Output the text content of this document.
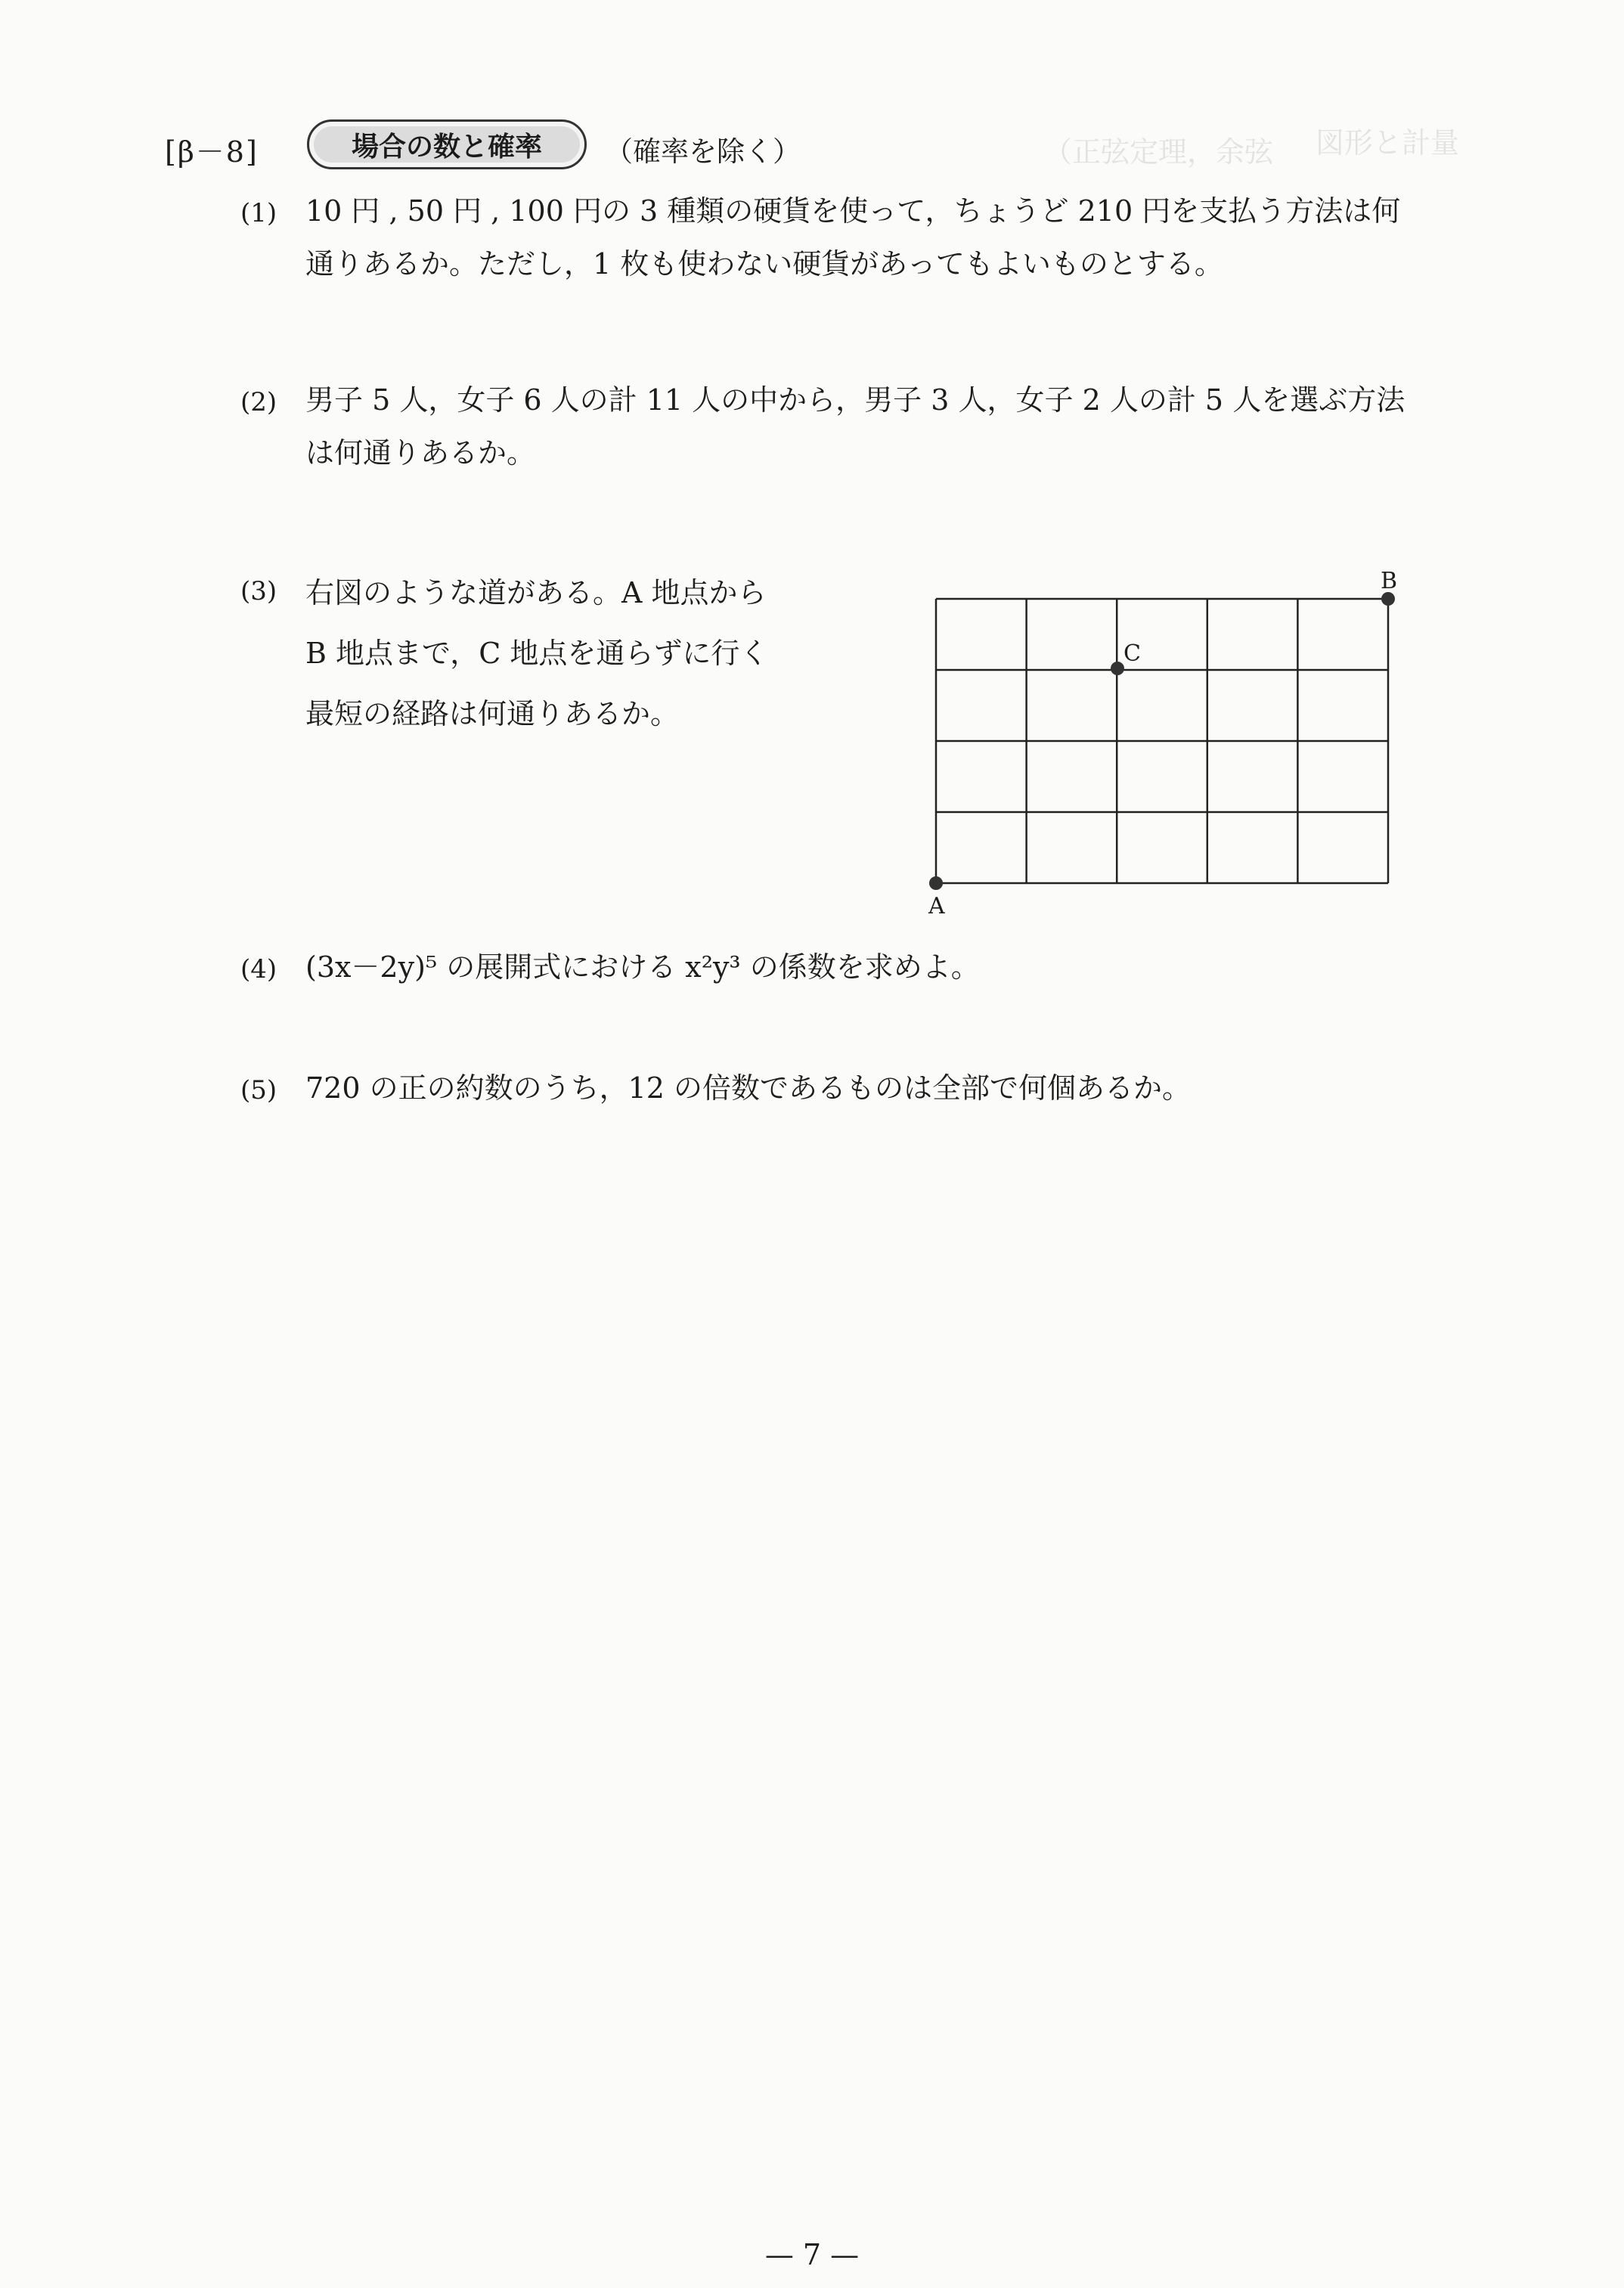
（正弦定理，余弦 図形と計量
[β－8]	場合の数と確率 （確率を除く）
(1) 10 円 , 50 円 , 100 円の 3 種類の硬貨を使って，ちょうど 210 円を支払う方法は何
通りあるか。ただし，1 枚も使わない硬貨があってもよいものとする。
(2) 男子 5 人，女子 6 人の計 11 人の中から，男子 3 人，女子 2 人の計 5 人を選ぶ方法
は何通りあるか。
(3) 右図のような道がある。A 地点から
B 地点まで，C 地点を通らずに行く
最短の経路は何通りあるか。
B
C
A
(4) (3x－2y)⁵ の展開式における x²y³ の係数を求めよ。
(5) 720 の正の約数のうち，12 の倍数であるものは全部で何個あるか。
— 7 —
